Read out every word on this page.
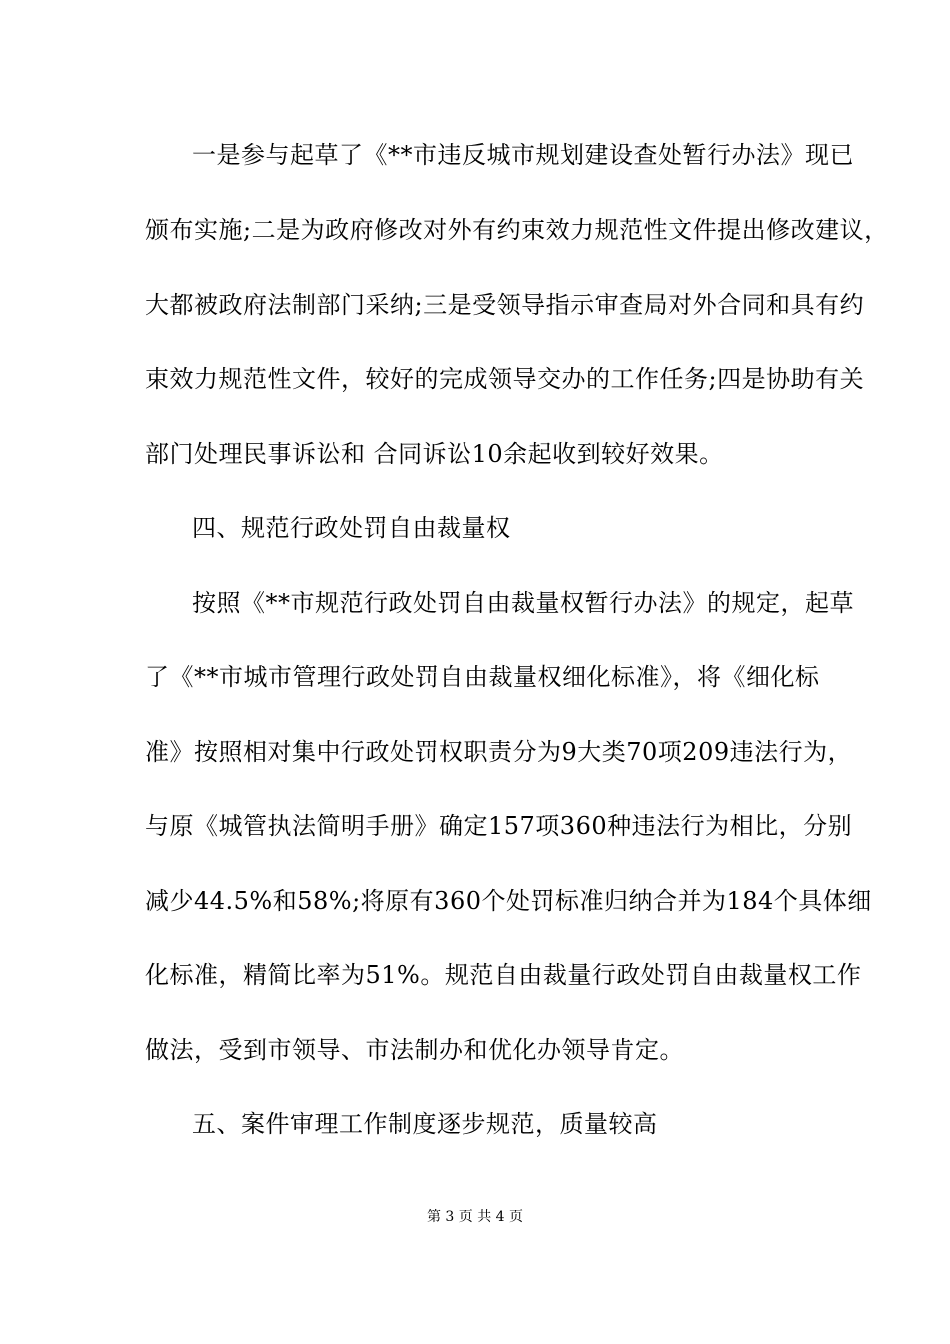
一是参与起草了《**市违反城市规划建设查处暂行办法》现已
颁布实施;二是为政府修改对外有约束效力规范性文件提出修改建议，
大都被政府法制部门采纳;三是受领导指示审查局对外合同和具有约
束效力规范性文件，较好的完成领导交办的工作任务;四是协助有关
部门处理民事诉讼和 合同诉讼10余起收到较好效果。
四、规范行政处罚自由裁量权
按照《**市规范行政处罚自由裁量权暂行办法》的规定，起草
了《**市城市管理行政处罚自由裁量权细化标准》，将《细化标
准》按照相对集中行政处罚权职责分为9大类70项209违法行为，
与原《城管执法简明手册》确定157项360种违法行为相比，分别
减少44.5%和58%;将原有360个处罚标准归纳合并为184个具体细
化标准，精简比率为51%。规范自由裁量行政处罚自由裁量权工作
做法，受到市领导、市法制办和优化办领导肯定。
五、案件审理工作制度逐步规范，质量较高
第 3 页 共 4 页
